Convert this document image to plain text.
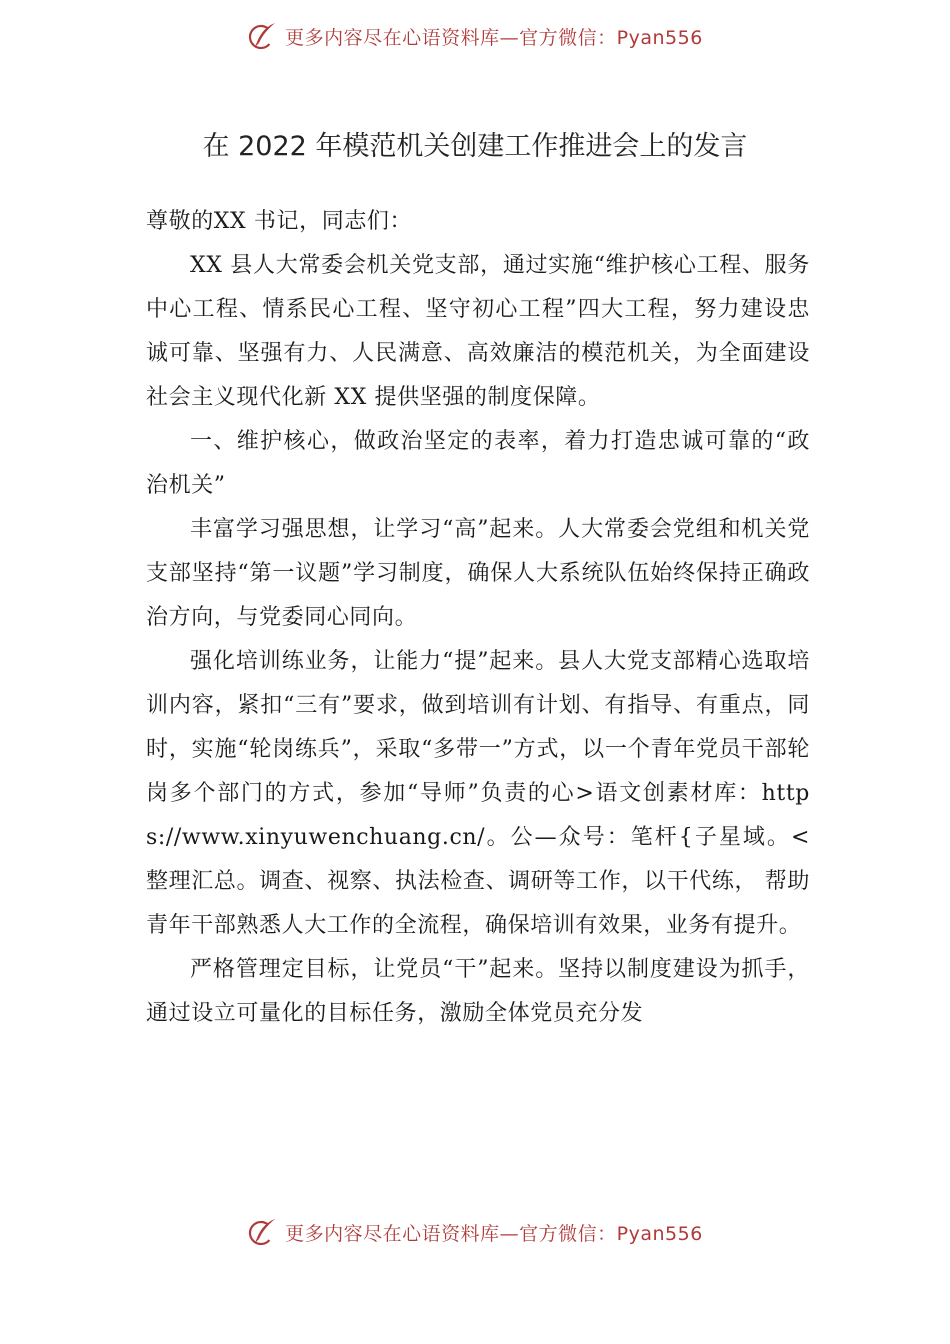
更多内容尽在心语资料库—官方微信：Pyan556
在 2022 年模范机关创建工作推进会上的发言

尊敬的XX 书记，同志们：

XX 县人大常委会机关党支部，通过实施“维护核心工程、服务中心工程、情系民心工程、坚守初心工程”四大工程，努力建设忠诚可靠、坚强有力、人民满意、高效廉洁的模范机关，为全面建设社会主义现代化新 XX 提供坚强的制度保障。

一、维护核心，做政治坚定的表率，着力打造忠诚可靠的“政治机关”

丰富学习强思想，让学习“高”起来。人大常委会党组和机关党支部坚持“第一议题”学习制度，确保人大系统队伍始终保持正确政治方向，与党委同心同向。

强化培训练业务，让能力“提”起来。县人大党支部精心选取培训内容，紧扣“三有”要求，做到培训有计划、有指导、有重点，同时，实施“轮岗练兵”，采取“多带一”方式，以一个青年党员干部轮岗多个部门的方式，参加“导师”负责的心>语文创素材库：https://www.xinyuwenchuang.cn/。公—众号：笔杆{子星域。<整理汇总。调查、视察、执法检查、调研等工作，以干代练， 帮助青年干部熟悉人大工作的全流程，确保培训有效果，业务有提升。

严格管理定目标，让党员“干”起来。坚持以制度建设为抓手，通过设立可量化的目标任务，激励全体党员充分发

更多内容尽在心语资料库—官方微信：Pyan556
